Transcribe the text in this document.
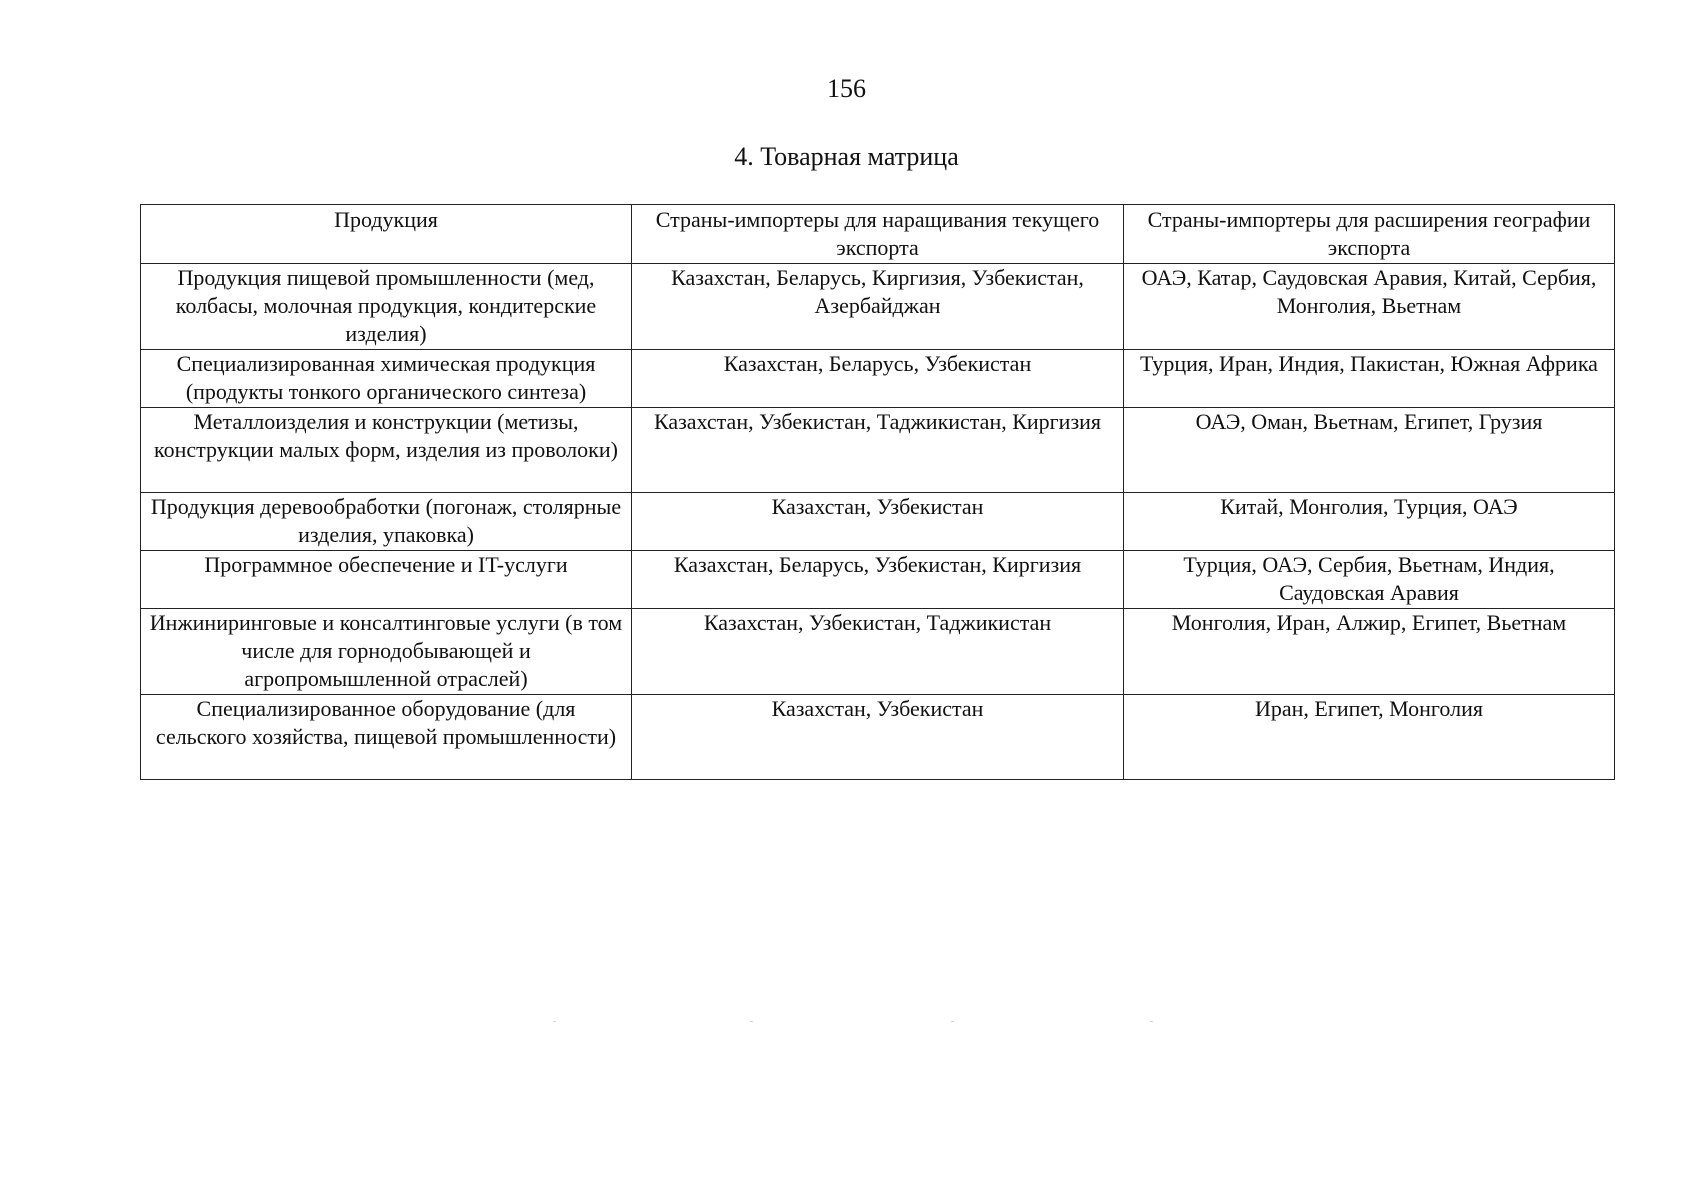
156
4. Товарная матрица
Продукция	Страны-импортеры для наращивания текущего экспорта	Страны-импортеры для расширения географии экспорта
Продукция пищевой промышленности (мед, колбасы, молочная продукция, кондитерские изделия)	Казахстан, Беларусь, Киргизия, Узбекистан, Азербайджан	ОАЭ, Катар, Саудовская Аравия, Китай, Сербия, Монголия, Вьетнам
Специализированная химическая продукция (продукты тонкого органического синтеза)	Казахстан, Беларусь, Узбекистан	Турция, Иран, Индия, Пакистан, Южная Африка
Металлоизделия и конструкции (метизы, конструкции малых форм, изделия из проволоки)	Казахстан, Узбекистан, Таджикистан, Киргизия	ОАЭ, Оман, Вьетнам, Египет, Грузия
Продукция деревообработки (погонаж, столярные изделия, упаковка)	Казахстан, Узбекистан	Китай, Монголия, Турция, ОАЭ
Программное обеспечение и IT-услуги	Казахстан, Беларусь, Узбекистан, Киргизия	Турция, ОАЭ, Сербия, Вьетнам, Индия, Саудовская Аравия
Инжиниринговые и консалтинговые услуги (в том числе для горнодобывающей и агропромышленной отраслей)	Казахстан, Узбекистан, Таджикистан	Монголия, Иран, Алжир, Египет, Вьетнам
Специализированное оборудование (для сельского хозяйства, пищевой промышленности)	Казахстан, Узбекистан	Иран, Египет, Монголия
